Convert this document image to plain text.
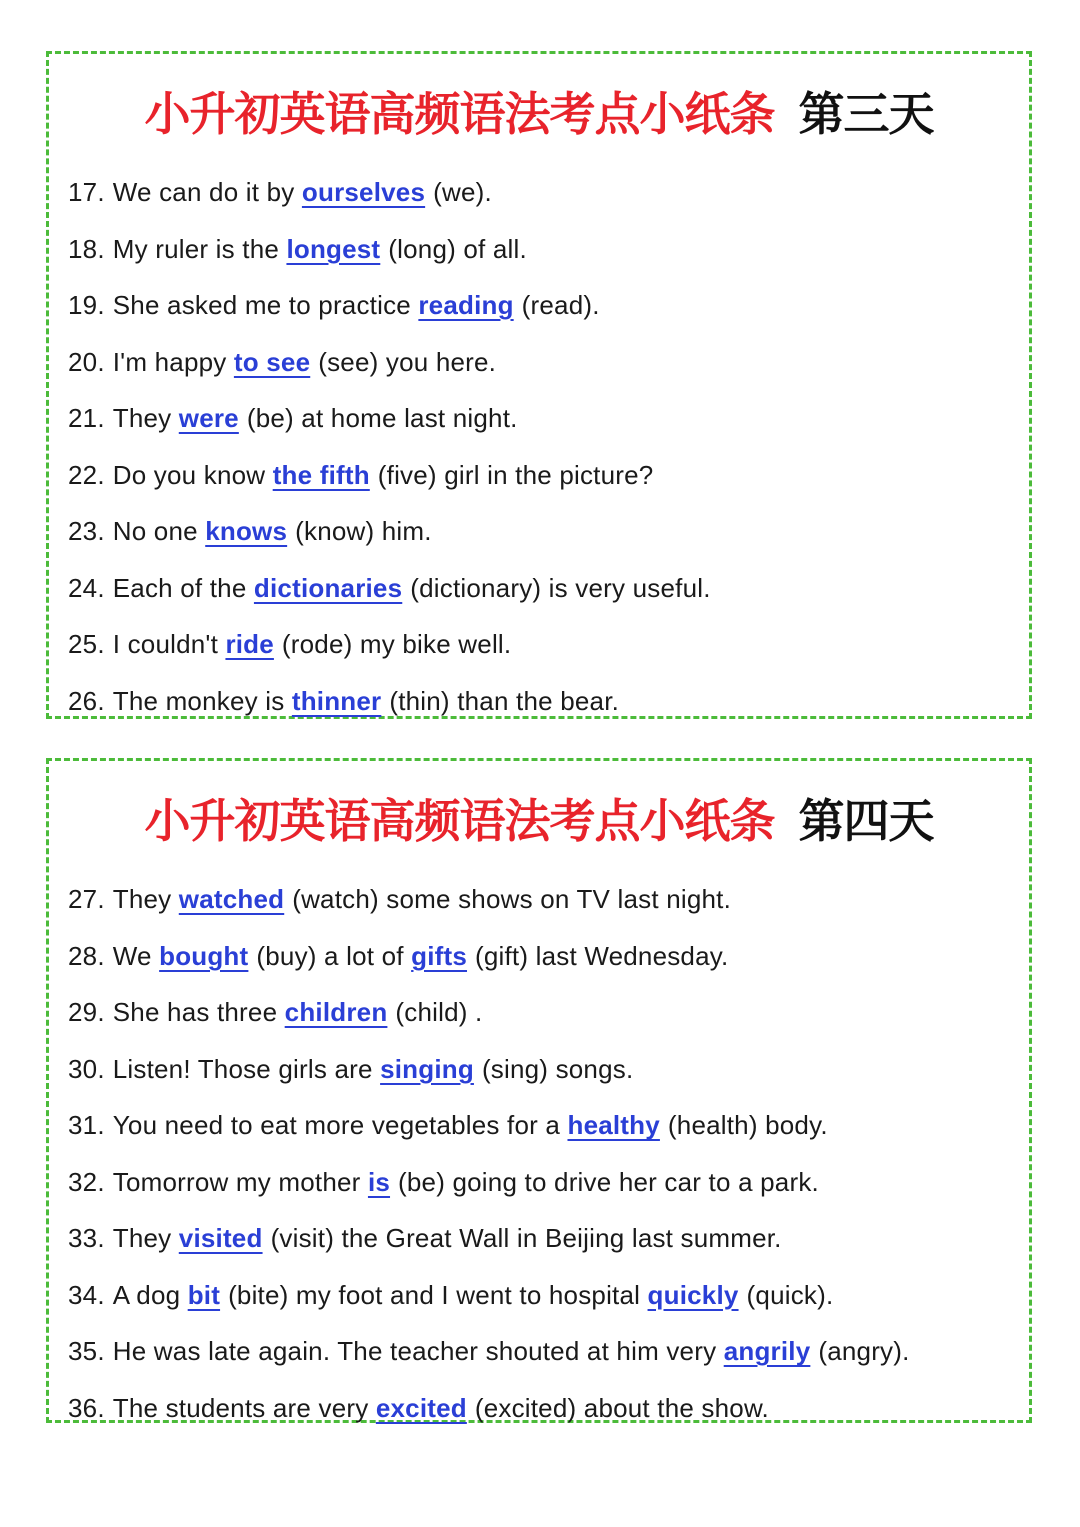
小升初英语高频语法考点小纸条 第三天
17. We can do it by ourselves (we).
18. My ruler is the longest (long) of all.
19. She asked me to practice reading (read).
20. I'm happy to see (see) you here.
21. They were (be) at home last night.
22. Do you know the fifth (five) girl in the picture?
23. No one knows (know) him.
24. Each of the dictionaries (dictionary) is very useful.
25. I couldn't ride (rode) my bike well.
26. The monkey is thinner (thin) than the bear.
小升初英语高频语法考点小纸条 第四天
27. They watched (watch) some shows on TV last night.
28. We bought (buy) a lot of gifts (gift) last Wednesday.
29. She has three children (child) .
30. Listen! Those girls are singing (sing) songs.
31. You need to eat more vegetables for a healthy (health) body.
32. Tomorrow my mother is (be) going to drive her car to a park.
33. They visited (visit) the Great Wall in Beijing last summer.
34. A dog bit (bite) my foot and I went to hospital quickly (quick).
35. He was late again. The teacher shouted at him very angrily (angry).
36. The students are very excited (excited) about the show.
